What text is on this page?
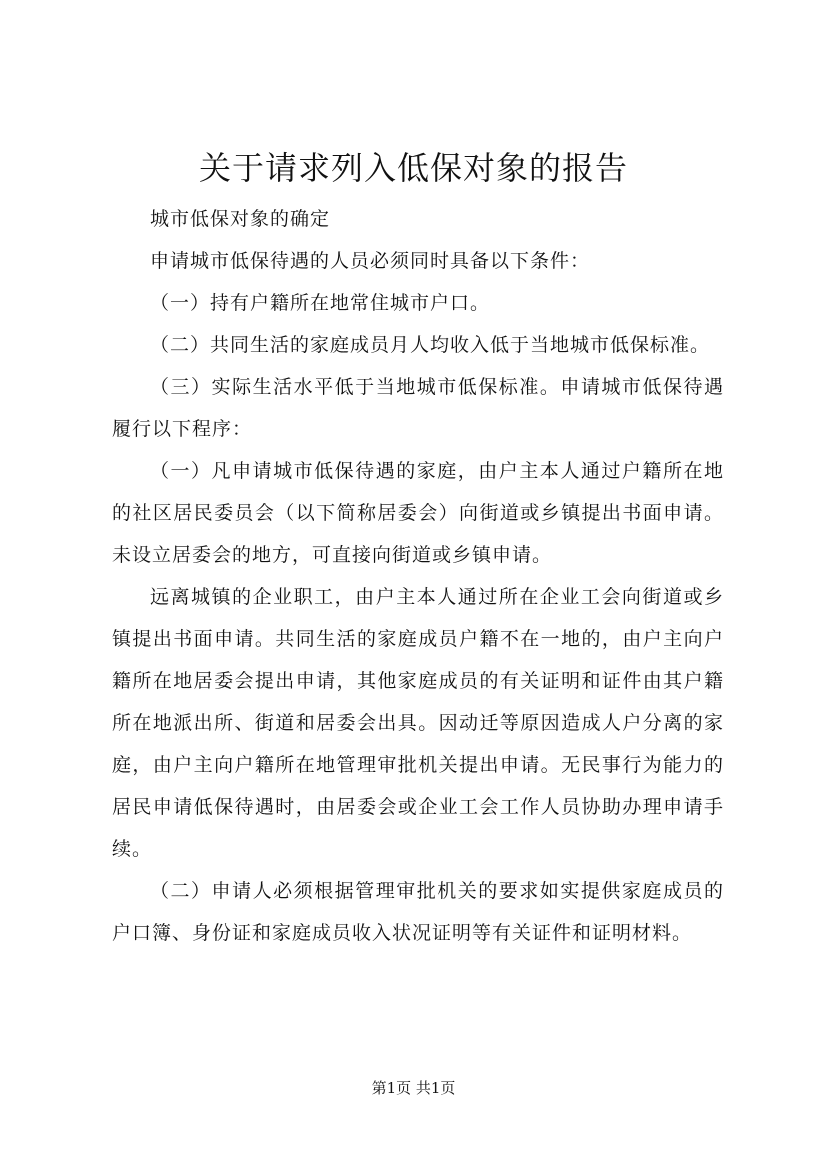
关于请求列入低保对象的报告

城市低保对象的确定

申请城市低保待遇的人员必须同时具备以下条件：

（一）持有户籍所在地常住城市户口。

（二）共同生活的家庭成员月人均收入低于当地城市低保标准。

（三）实际生活水平低于当地城市低保标准。申请城市低保待遇履行以下程序：

（一）凡申请城市低保待遇的家庭，由户主本人通过户籍所在地的社区居民委员会（以下简称居委会）向街道或乡镇提出书面申请。未设立居委会的地方，可直接向街道或乡镇申请。

远离城镇的企业职工，由户主本人通过所在企业工会向街道或乡镇提出书面申请。共同生活的家庭成员户籍不在一地的，由户主向户籍所在地居委会提出申请，其他家庭成员的有关证明和证件由其户籍所在地派出所、街道和居委会出具。因动迁等原因造成人户分离的家庭，由户主向户籍所在地管理审批机关提出申请。无民事行为能力的居民申请低保待遇时，由居委会或企业工会工作人员协助办理申请手续。

（二）申请人必须根据管理审批机关的要求如实提供家庭成员的户口簿、身份证和家庭成员收入状况证明等有关证件和证明材料。

第1页 共1页
